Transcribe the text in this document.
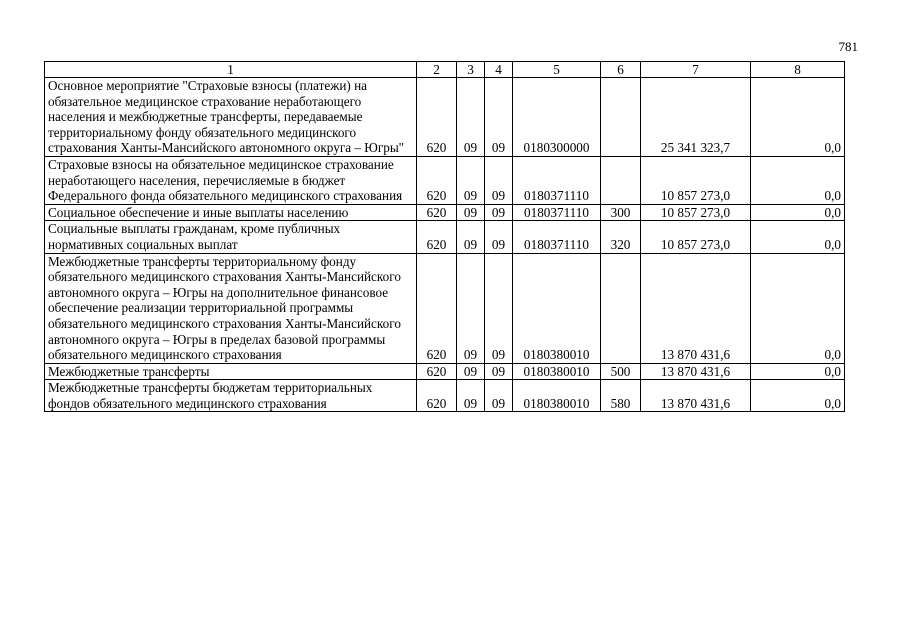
781
1	2	3	4	5	6	7	8
Основное мероприятие "Страховые взносы (платежи) на обязательное медицинское страхование неработающего населения и межбюджетные трансферты, передаваемые территориальному фонду обязательного медицинского страхования Ханты-Мансийского автономного округа – Югры"	620	09	09	0180300000		25 341 323,7	0,0
Страховые взносы на обязательное медицинское страхование неработающего населения, перечисляемые в бюджет Федерального фонда обязательного медицинского страхования	620	09	09	0180371110		10 857 273,0	0,0
Социальное обеспечение и иные выплаты населению	620	09	09	0180371110	300	10 857 273,0	0,0
Социальные выплаты гражданам, кроме публичных нормативных социальных выплат	620	09	09	0180371110	320	10 857 273,0	0,0
Межбюджетные трансферты территориальному фонду обязательного медицинского страхования Ханты-Мансийского автономного округа – Югры на дополнительное финансовое обеспечение реализации территориальной программы обязательного медицинского страхования Ханты-Мансийского автономного округа – Югры в пределах базовой программы обязательного медицинского страхования	620	09	09	0180380010		13 870 431,6	0,0
Межбюджетные трансферты	620	09	09	0180380010	500	13 870 431,6	0,0
Межбюджетные трансферты бюджетам территориальных фондов обязательного медицинского страхования	620	09	09	0180380010	580	13 870 431,6	0,0
